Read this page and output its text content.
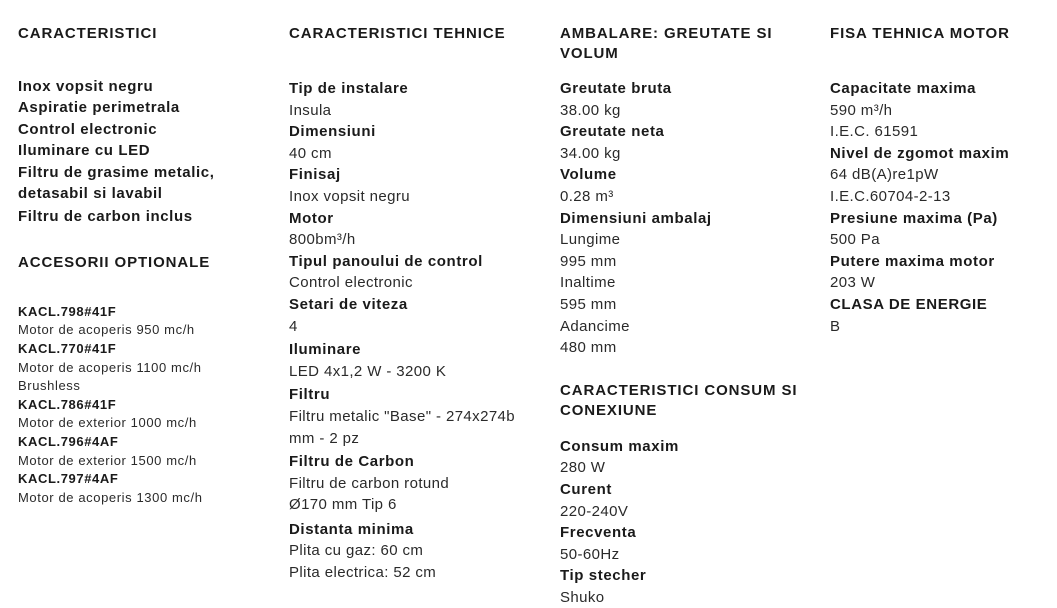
CARACTERISTICI
Inox vopsit negru
Aspiratie perimetrala
Control electronic
Iluminare cu LED
Filtru de grasime metalic,
detasabil si lavabil
Filtru de carbon inclus
ACCESORII OPTIONALE
KACL.798#41F
Motor de acoperis 950 mc/h
KACL.770#41F
Motor de acoperis 1100 mc/h
Brushless
KACL.786#41F
Motor de exterior 1000 mc/h
KACL.796#4AF
Motor de exterior 1500 mc/h
KACL.797#4AF
Motor de acoperis 1300 mc/h
CARACTERISTICI TEHNICE
Tip de instalare
Insula
Dimensiuni
40 cm
Finisaj
Inox vopsit negru
Motor
800bm³/h
Tipul panoului de control
Control electronic
Setari de viteza
4
Iluminare
LED 4x1,2 W - 3200 K
Filtru
Filtru metalic "Base" - 274x274b
mm - 2 pz
Filtru de Carbon
Filtru de carbon rotund
Ø170 mm Tip 6
Distanta minima
Plita cu gaz: 60 cm
Plita electrica: 52 cm
AMBALARE: GREUTATE SI
VOLUM
Greutate bruta
38.00 kg
Greutate neta
34.00 kg
Volume
0.28 m³
Dimensiuni ambalaj
Lungime
995 mm
Inaltime
595 mm
Adancime
480 mm
CARACTERISTICI CONSUM SI
CONEXIUNE
Consum maxim
280 W
Curent
220-240V
Frecventa
50-60Hz
Tip stecher
Shuko
FISA TEHNICA MOTOR
Capacitate maxima
590 m³/h
I.E.C. 61591
Nivel de zgomot maxim
64 dB(A)re1pW
I.E.C.60704-2-13
Presiune maxima (Pa)
500 Pa
Putere maxima motor
203 W
CLASA DE ENERGIE
B
